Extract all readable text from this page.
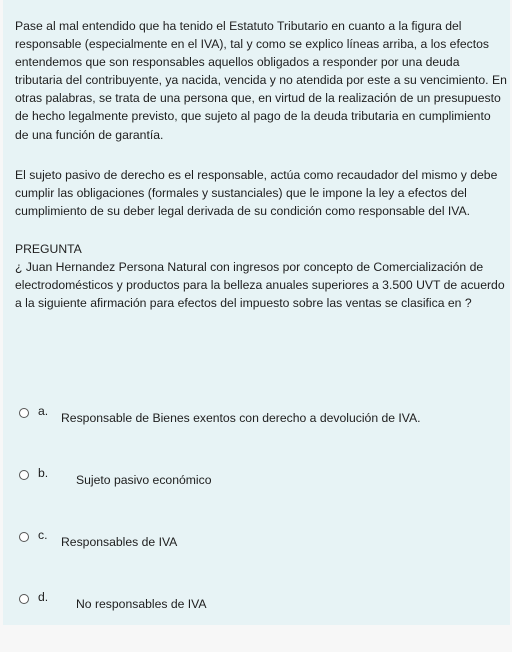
Pase al mal entendido que ha tenido el Estatuto Tributario en cuanto a la figura del responsable (especialmente en el IVA), tal y como se explico líneas arriba, a los efectos entendemos que son responsables aquellos obligados a responder por una deuda tributaria del contribuyente, ya nacida, vencida y no atendida por este a su vencimiento. En otras palabras, se trata de una persona que, en virtud de la realización de un presupuesto de hecho legalmente previsto, que sujeto al pago de la deuda tributaria en cumplimiento de una función de garantía.

El sujeto pasivo de derecho es el responsable, actúa como recaudador del mismo y debe cumplir las obligaciones (formales y sustanciales) que le impone la ley a efectos del cumplimiento de su deber legal derivada de su condición como responsable del IVA.

PREGUNTA

¿ Juan Hernandez Persona Natural con ingresos por concepto de Comercialización de electrodomésticos y productos para la belleza anuales superiores a 3.500 UVT de acuerdo a la siguiente afirmación para efectos del impuesto sobre las ventas se clasifica en ?

a. Responsable de Bienes exentos con derecho a devolución de IVA.
b. Sujeto pasivo económico
c. Responsables de IVA
d. No responsables de IVA
